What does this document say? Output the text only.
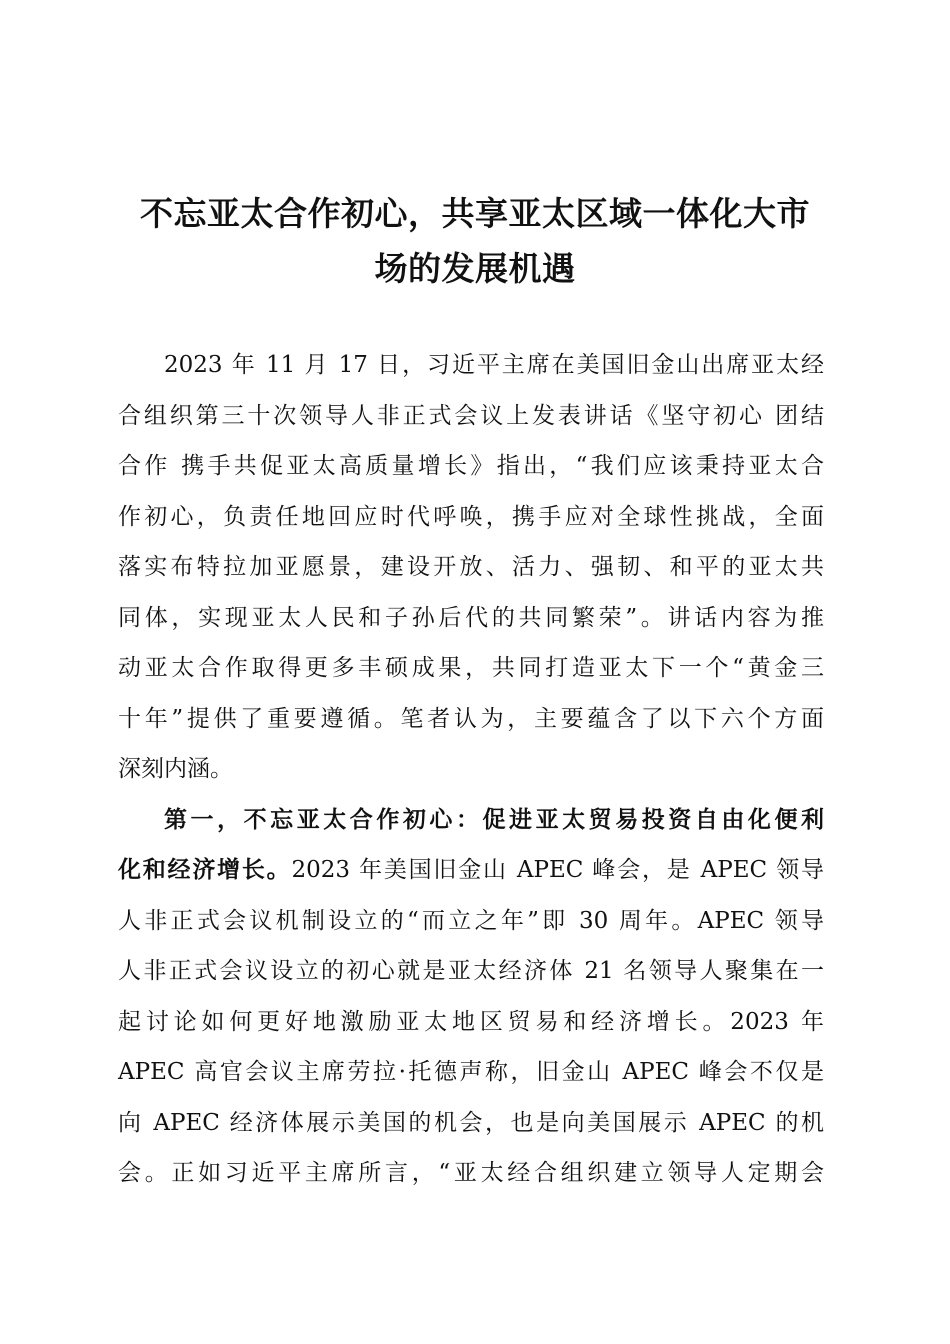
不忘亚太合作初心，共享亚太区域一体化大市
场的发展机遇

2023 年 11 月 17 日，习近平主席在美国旧金山出席亚太经
合组织第三十次领导人非正式会议上发表讲话《坚守初心 团结
合作 携手共促亚太高质量增长》指出，“我们应该秉持亚太合
作初心，负责任地回应时代呼唤，携手应对全球性挑战，全面
落实布特拉加亚愿景，建设开放、活力、强韧、和平的亚太共
同体，实现亚太人民和子孙后代的共同繁荣”。讲话内容为推
动亚太合作取得更多丰硕成果，共同打造亚太下一个“黄金三
十年”提供了重要遵循。笔者认为，主要蕴含了以下六个方面
深刻内涵。

第一，不忘亚太合作初心：促进亚太贸易投资自由化便利
化和经济增长。2023 年美国旧金山 APEC 峰会，是 APEC 领导
人非正式会议机制设立的“而立之年”即 30 周年。APEC 领导
人非正式会议设立的初心就是亚太经济体 21 名领导人聚集在一
起讨论如何更好地激励亚太地区贸易和经济增长。2023 年
APEC 高官会议主席劳拉·托德声称，旧金山 APEC 峰会不仅是
向 APEC 经济体展示美国的机会，也是向美国展示 APEC 的机
会。正如习近平主席所言，“亚太经合组织建立领导人定期会
